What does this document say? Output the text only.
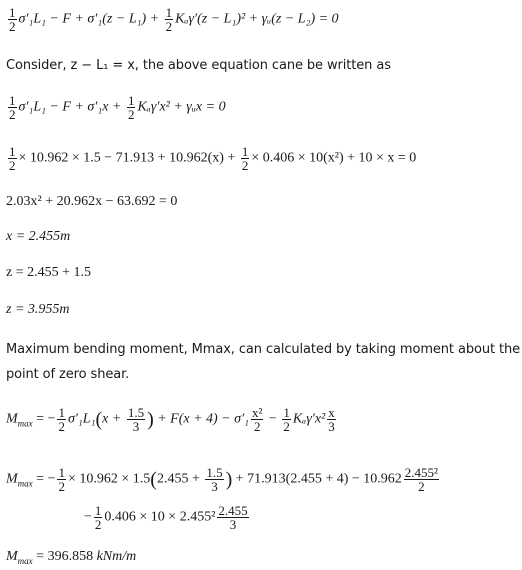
$\frac{1}{2} \sigma'_1L_1 - F + \sigma'_1(z - L_1) + \frac{1}{2} K_a\gamma'(z - L_1)^2$ + γᵤ(z − L₂) = 0
Consider, z − L₁ = x, the above equation cane be written as
$\frac{1}{2} \sigma'_1L_1 - F + \sigma'_1x + \frac{1}{2} K_a\gamma'x^2$ + γᵤx = 0
$\frac{1}{2} \times 10.962 \times 1.5 - 71.913 + 10.962(x) + \frac{1}{2} \times 0.406 \times 10(x^2) + 10 \times x = 0$
2.03x² + 20.962x − 63.692 = 0
x = 2.455m
z = 2.455 + 1.5
z = 3.955m
Maximum bending moment, Mmax, can calculated by taking moment about the
point of zero shear.
$M_{max}$ = − $\frac{1}{2} \sigma'_1L_1(x + \frac{1.5}{3}$ ) + $F(x + 4) - \sigma'_1 \frac{\text{x²}}{2} - \frac{1}{2} K_a\gamma'x^2 \frac{x}{3}$
$M_{max}$ = − $\frac{1}{2} \times 10.962 \times 1.5(2.455 + \frac{1.5}{3}$ ) + $71.913(2.455 + 4) - 10.962 \frac{\text{2.455²}}{2}$
− $\frac{1}{2} 0.406 \times 10 \times 2.455^2 \frac{2.455}{3}$
$M_{max} = 396.858$ kNm/m
